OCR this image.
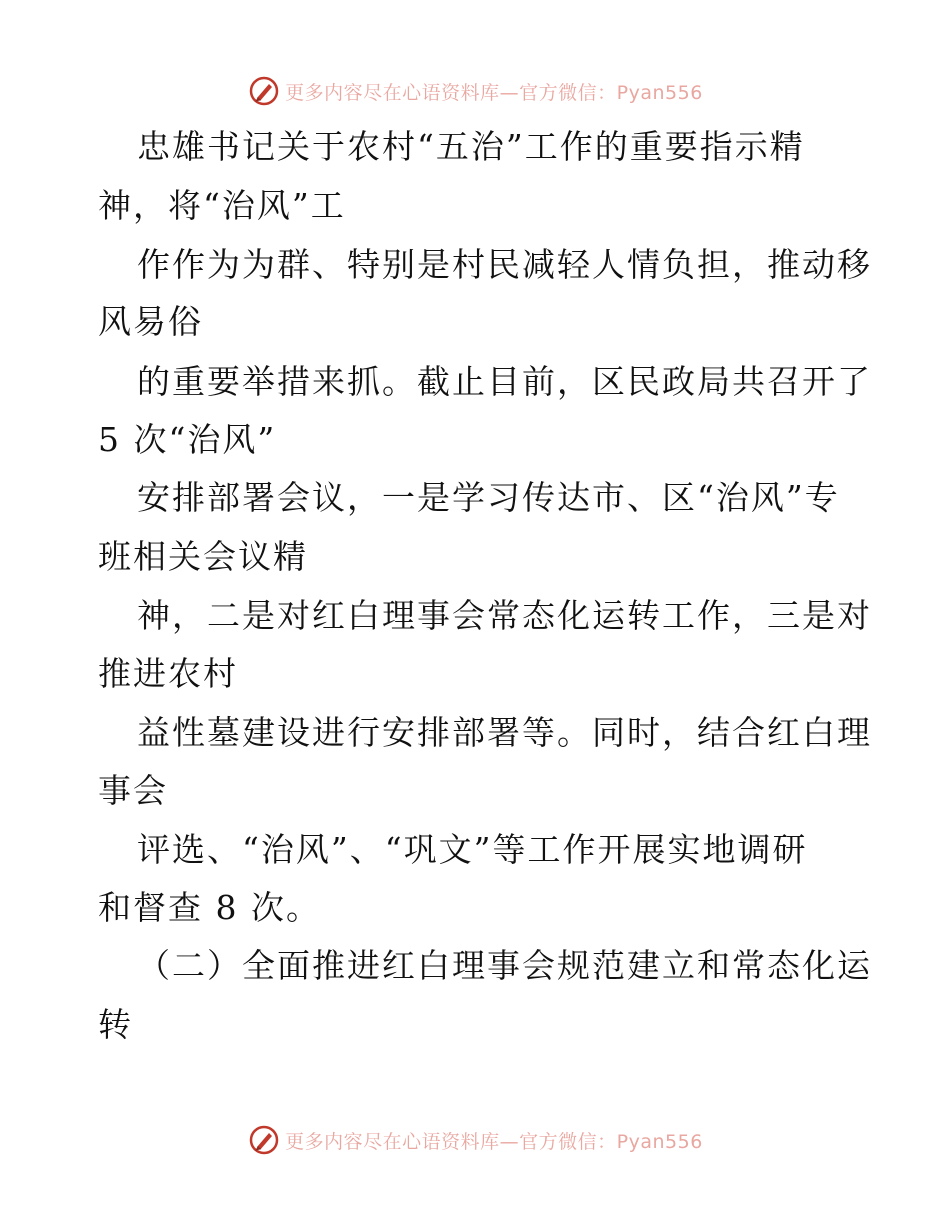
更多内容尽在心语资料库—官方微信：Pyan556
忠雄书记关于农村“五治”工作的重要指示精
神，将“治风”工
作作为为群、特别是村民减轻人情负担，推动移
风易俗
的重要举措来抓。截止目前，区民政局共召开了
5 次“治风”
安排部署会议，一是学习传达市、区“治风”专
班相关会议精
神，二是对红白理事会常态化运转工作，三是对
推进农村
益性墓建设进行安排部署等。同时，结合红白理
事会
评选、“治风”、“巩文”等工作开展实地调研
和督查 8 次。
（二）全面推进红白理事会规范建立和常态化运
转
更多内容尽在心语资料库—官方微信：Pyan556
